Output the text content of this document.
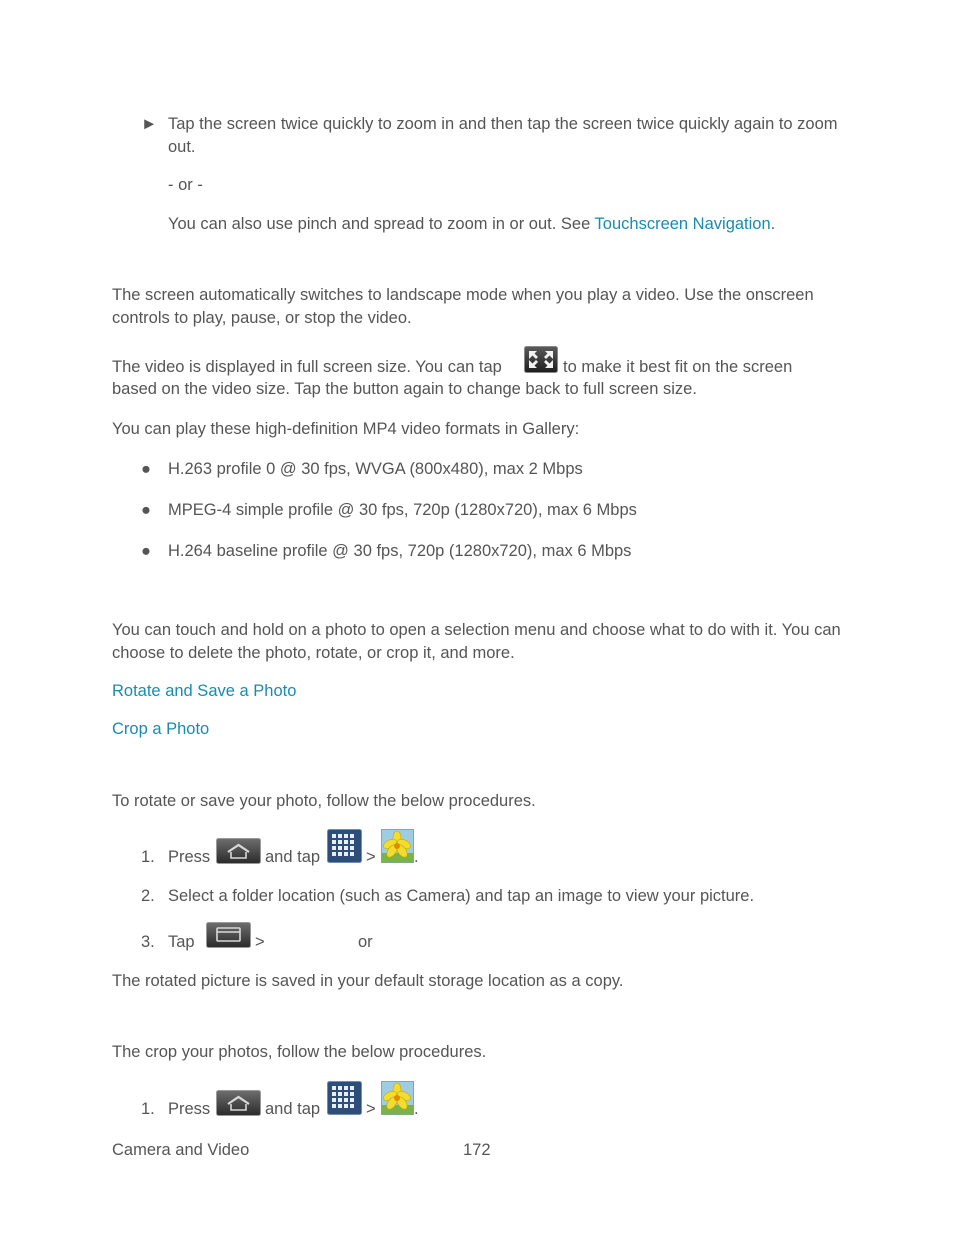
► Tap the screen twice quickly to zoom in and then tap the screen twice quickly again to zoom out.

- or -

You can also use pinch and spread to zoom in or out. See Touchscreen Navigation.

The screen automatically switches to landscape mode when you play a video. Use the onscreen controls to play, pause, or stop the video.

The video is displayed in full screen size. You can tap	to make it best fit on the screen

based on the video size. Tap the button again to change back to full screen size.

You can play these high-definition MP4 video formats in Gallery:

● H.263 profile 0 @ 30 fps, WVGA (800x480), max 2 Mbps

● MPEG-4 simple profile @ 30 fps, 720p (1280x720), max 6 Mbps

● H.264 baseline profile @ 30 fps, 720p (1280x720), max 6 Mbps

You can touch and hold on a photo to open a selection menu and choose what to do with it. You can choose to delete the photo, rotate, or crop it, and more.

Rotate and Save a Photo

Crop a Photo

To rotate or save your photo, follow the below procedures.

1. Press	and tap	> .
2. Select a folder location (such as Camera) and tap an image to view your picture.
3. Tap	>	or

The rotated picture is saved in your default storage location as a copy.

The crop your photos, follow the below procedures.

1. Press	and tap	> .
Camera and Video	172
